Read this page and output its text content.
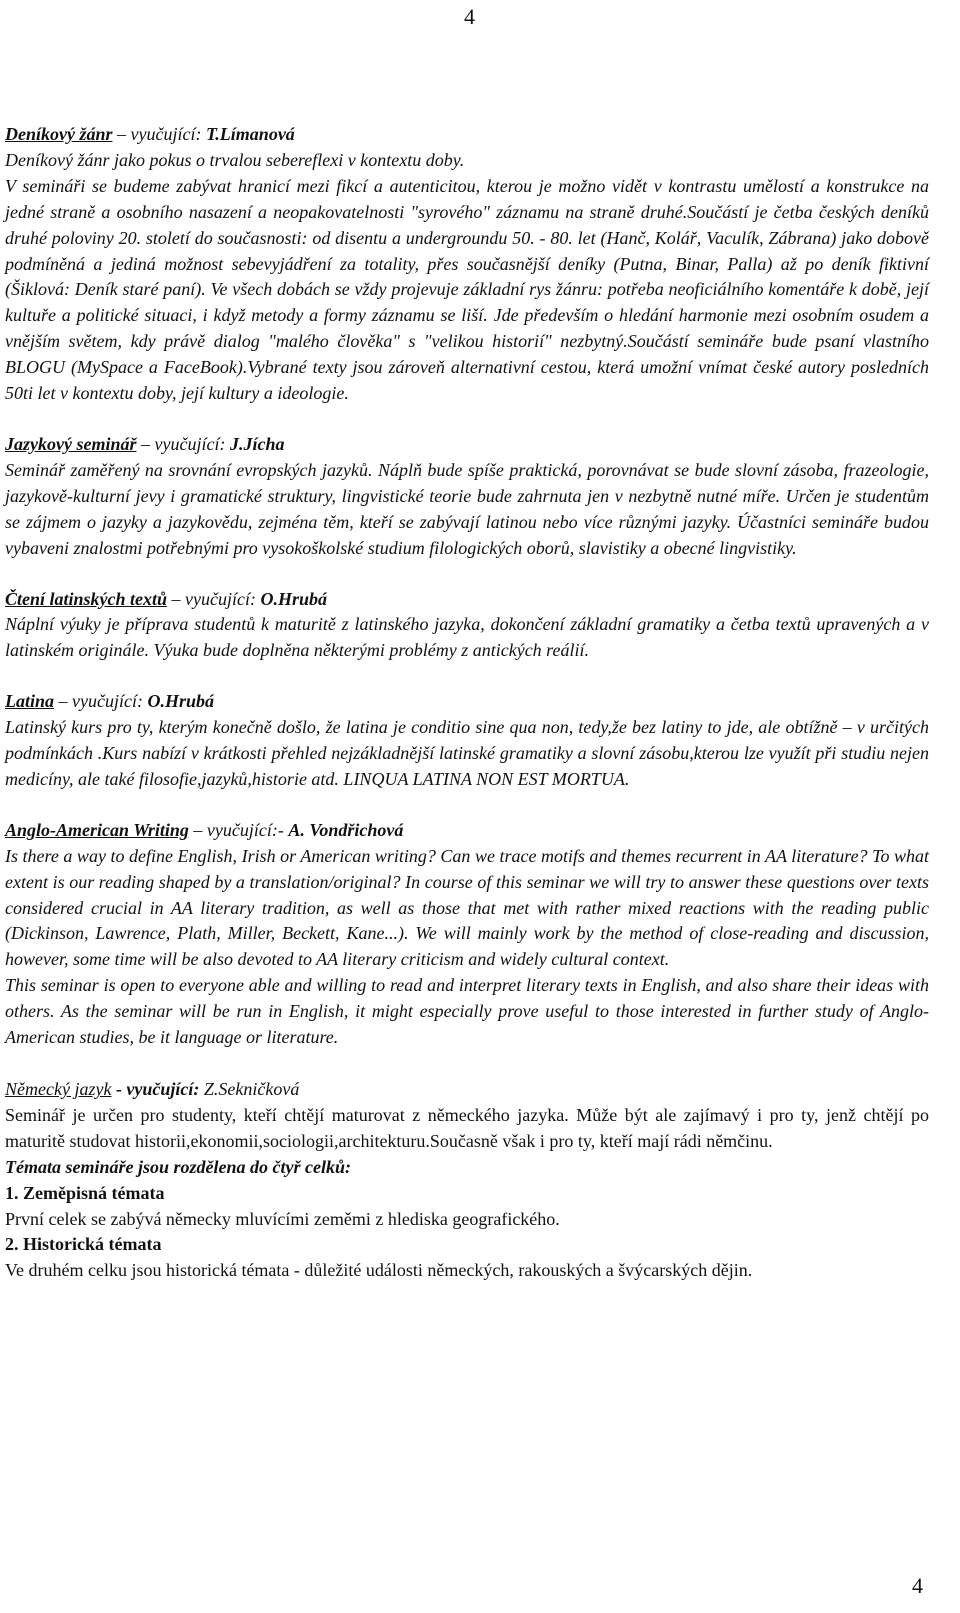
4

Deníkový žánr – vyučující: T.Límanová

Deníkový žánr jako pokus o trvalou sebereflexi v kontextu doby.

V semináři se budeme zabývat hranicí mezi fikcí a autenticitou, kterou je možno vidět v kontrastu umělostí a konstrukce na jedné straně a osobního nasazení a neopakovatelnosti "syrového" záznamu na straně druhé.Součástí je četba českých deníků druhé poloviny 20. století do současnosti: od disentu a undergroundu 50. - 80. let (Hanč, Kolář, Vaculík, Zábrana) jako dobově podmíněná a jediná možnost sebevyjádření za totality, přes současnější deníky (Putna, Binar, Palla) až po deník fiktivní (Šiklová: Deník staré paní). Ve všech dobách se vždy projevuje základní rys žánru: potřeba neoficiálního komentáře k době, její kultuře a politické situaci, i když metody a formy záznamu se liší. Jde především o hledání harmonie mezi osobním osudem a vnějším světem, kdy právě dialog "malého člověka" s "velikou historií" nezbytný.Součástí semináře bude psaní vlastního BLOGU (MySpace a FaceBook).Vybrané texty jsou zároveň alternativní cestou, která umožní vnímat české autory posledních 50ti let v kontextu doby, její kultury a ideologie.

Jazykový seminář – vyučující: J.Jícha

Seminář zaměřený na srovnání evropských jazyků. Náplň bude spíše praktická, porovnávat se bude slovní zásoba, frazeologie, jazykově-kulturní jevy i gramatické struktury, lingvistické teorie bude zahrnuta jen v nezbytně nutné míře. Určen je studentům se zájmem o jazyky a jazykovědu, zejména těm, kteří se zabývají latinou nebo více různými jazyky. Účastníci semináře budou vybaveni znalostmi potřebnými pro vysokoškolské studium filologických oborů, slavistiky a obecné lingvistiky.

Čtení latinských textů – vyučující: O.Hrubá

Náplní výuky je příprava studentů k maturitě z latinského jazyka, dokončení základní gramatiky a četba textů upravených a v latinském originále. Výuka bude doplněna některými problémy z antických reálií.

Latina – vyučující: O.Hrubá

Latinský kurs pro ty, kterým konečně došlo, že latina je conditio sine qua non, tedy,že bez latiny to jde, ale obtížně – v určitých podmínkách .Kurs nabízí v krátkosti přehled nejzákladnější latinské gramatiky a slovní zásobu,kterou lze využít při studiu nejen medicíny, ale také filosofie,jazyků,historie atd. LINQUA LATINA NON EST MORTUA.

Anglo-American Writing – vyučující:- A. Vondřichová

Is there a way to define English, Irish or American writing? Can we trace motifs and themes recurrent in AA literature? To what extent is our reading shaped by a translation/original? In course of this seminar we will try to answer these questions over texts considered crucial in AA literary tradition, as well as those that met with rather mixed reactions with the reading public (Dickinson, Lawrence, Plath, Miller, Beckett, Kane...). We will mainly work by the method of close-reading and discussion, however, some time will be also devoted to AA literary criticism and widely cultural context.

This seminar is open to everyone able and willing to read and interpret literary texts in English, and also share their ideas with others. As the seminar will be run in English, it might especially prove useful to those interested in further study of Anglo-American studies, be it language or literature.

Německý jazyk - vyučující: Z.Sekničková

Seminář je určen pro studenty, kteří chtějí maturovat z německého jazyka. Může být ale zajímavý i pro ty, jenž chtějí po maturitě studovat historii,ekonomii,sociologii,architekturu.Současně však i pro ty, kteří mají rádi němčinu.

Témata semináře jsou rozdělena do čtyř celků:

1. Zeměpisná témata

První celek se zabývá německy mluvícími zeměmi z hlediska geografického.

2. Historická témata

Ve druhém celku jsou historická témata - důležité události německých, rakouských a švýcarských dějin.

4
